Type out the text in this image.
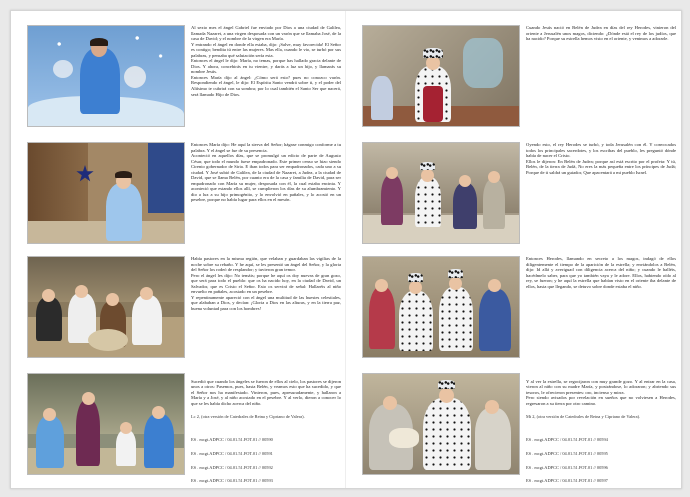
Al sexto mes el ángel Gabriel fue enviado por Dios a una ciudad de Galilea, llamada Nazaret, a una virgen desposada con un varón que se llamaba José, de la casa de David; y el nombre de la virgen era María.
Y entrando el ángel en donde ella estaba, dijo: ¡Salve, muy favorecida! El Señor es contigo; bendita tú entre las mujeres. Mas ella, cuando le vio, se turbó por sus palabras, y pensaba qué salutación sería esta.
Entonces el ángel le dijo: María, no temas, porque has hallado gracia delante de Dios. Y ahora, concebirás en tu vientre, y darás a luz un hijo, y llamarás su nombre Jesús.
Entonces María dijo al ángel: ¿Cómo será esto? pues no conozco varón. Respondiendo el ángel, le dijo: El Espíritu Santo vendrá sobre ti, y el poder del Altísimo te cubrirá con su sombra; por lo cual también el Santo Ser que nacerá, será llamado Hijo de Dios.
Entonces María dijo: He aquí la sierva del Señor; hágase conmigo conforme a tu palabra. Y el ángel se fue de su presencia.
Aconteció en aquellos días, que se promulgó un edicto de parte de Augusto César, que todo el mundo fuese empadronado. Este primer censo se hizo siendo Cirenio gobernador de Siria. E iban todos para ser empadronados, cada uno a su ciudad. Y José subió de Galilea, de la ciudad de Nazaret, a Judea, a la ciudad de David, que se llama Belén, por cuanto era de la casa y familia de David, para ser empadronado con María su mujer, desposada con él, la cual estaba encinta. Y aconteció que estando ellos allí, se cumplieron los días de su alumbramiento. Y dio a luz a su hijo primogénito, y lo envolvió en pañales, y lo acostó en un pesebre, porque no había lugar para ellos en el mesón.
Había pastores en la misma región, que velaban y guardaban las vigilias de la noche sobre su rebaño. Y he aquí, se les presentó un ángel del Señor, y la gloria del Señor los rodeó de resplandor; y tuvieron gran temor.
Pero el ángel les dijo: No temáis; porque he aquí os doy nuevas de gran gozo, que será para todo el pueblo: que os ha nacido hoy, en la ciudad de David, un Salvador, que es Cristo el Señor. Esto os servirá de señal: Hallaréis al niño envuelto en pañales, acostado en un pesebre.
Y repentinamente apareció con el ángel una multitud de las huestes celestiales, que alababan a Dios, y decían: ¡Gloria a Dios en las alturas, y en la tierra paz, buena voluntad para con los hombres!

Sucedió que cuando los ángeles se fueron de ellos al cielo, los pastores se dijeron unos a otros: Pasemos, pues, hasta Belén, y veamos esto que ha sucedido, y que el Señor nos ha manifestado. Vinieron, pues, apresuradamente, y hallaron a María y a José, y al niño acostado en el pesebre. Y al verlo, dieron a conocer lo que se les había dicho acerca del niño.

Lc 2, (otra versión de Catedrales de Reina y Cipriano de Valera).

ES . mcgt.ADPCC / 04.01.51.FOT.01 // 00590

ES . mcgt.ADPCC / 04.01.51.FOT.01 // 00591

ES . mcgt.ADPCC / 04.01.51.FOT.01 // 00592

ES . mcgt.ADPCC / 04.01.51.FOT.01 // 00593

Cuando Jesús nació en Belén de Judea en días del rey Herodes, vinieron del oriente a Jerusalén unos magos, diciendo: ¿Dónde está el rey de los judíos, que ha nacido? Porque su estrella hemos visto en el oriente, y venimos a adorarle.
Oyendo esto, el rey Herodes se turbó, y toda Jerusalén con él. Y convocados todos los principales sacerdotes, y los escribas del pueblo, les preguntó dónde había de nacer el Cristo.
Ellos le dijeron: En Belén de Judea; porque así está escrito por el profeta: Y tú, Belén, de la tierra de Judá, No eres la más pequeña entre los príncipes de Judá; Porque de ti saldrá un guiador, Que apacentará a mi pueblo Israel.
Entonces Herodes, llamando en secreto a los magos, indagó de ellos diligentemente el tiempo de la aparición de la estrella; y enviándolos a Belén, dijo: Id allá y averiguad con diligencia acerca del niño; y cuando le halléis, hacédmelo saber, para que yo también vaya y le adore. Ellos, habiendo oído al rey, se fueron; y he aquí la estrella que habían visto en el oriente iba delante de ellos, hasta que llegando, se detuvo sobre donde estaba el niño.

Y al ver la estrella, se regocijaron con muy grande gozo. Y al entrar en la casa, vieron al niño con su madre María, y postrándose, lo adoraron; y abriendo sus tesoros, le ofrecieron presentes: oro, incienso y mirra.
Pero siendo avisados por revelación en sueños que no volviesen a Herodes, regresaron a su tierra por otro camino.

Mt 2, (otra versión de Catedrales de Reina y Cipriano de Valera).

ES . mcgt.ADPCC / 04.01.51.FOT.01 // 00594

ES . mcgt.ADPCC / 04.01.51.FOT.01 // 00595

ES . mcgt.ADPCC / 04.01.51.FOT.01 // 00596

ES . mcgt.ADPCC / 04.01.51.FOT.01 // 00597
